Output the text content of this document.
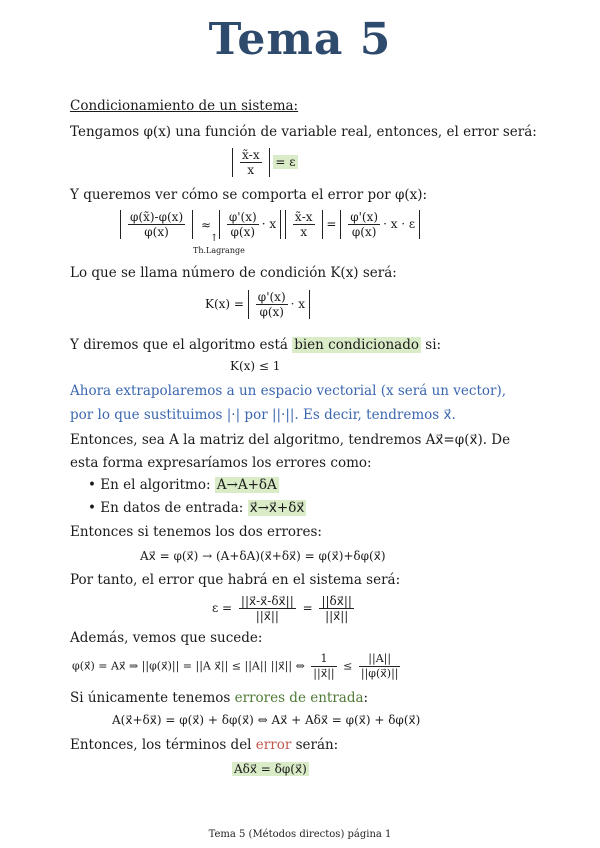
Tema 5
Condicionamiento de un sistema:
Tengamos φ(x) una función de variable real, entonces, el error será:
$\frac{x̃-x}{x} = \varepsilon$
Y queremos ver cómo se comporta el error por φ(x):
$\frac{\varphi(x̃)-\varphi(x)}{\varphi(x)} \approx \frac{\varphi'(x)}{\varphi(x)} \cdot x \frac{x̃-x}{x} = \frac{\varphi'(x)}{\varphi(x)} \cdot x \cdot \varepsilon$
↑
Th.Lagrange
Lo que se llama número de condición K(x) será:
$K(x) = \frac{\varphi'(x)}{\varphi(x)} \cdot x$
Y diremos que el algoritmo está bien condicionado si:
K(x) ≤ 1
Ahora extrapolaremos a un espacio vectorial (x será un vector),
por lo que sustituimos |·| por ||·||. Es decir, tendremos x⃗.
Entonces, sea A la matriz del algoritmo, tendremos Ax⃗=φ(x⃗). De
esta forma expresaríamos los errores como:
• En el algoritmo: A→A+δA
• En datos de entrada: x⃗→x⃗+δx⃗
Entonces si tenemos los dos errores:
Ax⃗ = φ(x⃗) → (A+δA)(x⃗+δx⃗) = φ(x⃗)+δφ(x⃗)
Por tanto, el error que habrá en el sistema será:
$\varepsilon = \frac{||x⃗-x⃗-\delta x⃗||}{||x⃗||} = \frac{||\delta x⃗||}{||x⃗||}$
Además, vemos que sucede:
φ(x⃗) = Ax⃗ ⇒ ||φ(x⃗)|| = ||A x⃗|| ≤ ||A|| ||x⃗|| ⇔ $\frac{1}{||x⃗||} \le \frac{||A||}{||\varphi(x⃗)||}$
Si únicamente tenemos errores de entrada:
A(x⃗+δx⃗) = φ(x⃗) + δφ(x⃗) ⇔ Ax⃗ + Aδx⃗ = φ(x⃗) + δφ(x⃗)
Entonces, los términos del error serán:
Aδx⃗ = δφ(x⃗)
Tema 5 (Métodos directos) página 1
